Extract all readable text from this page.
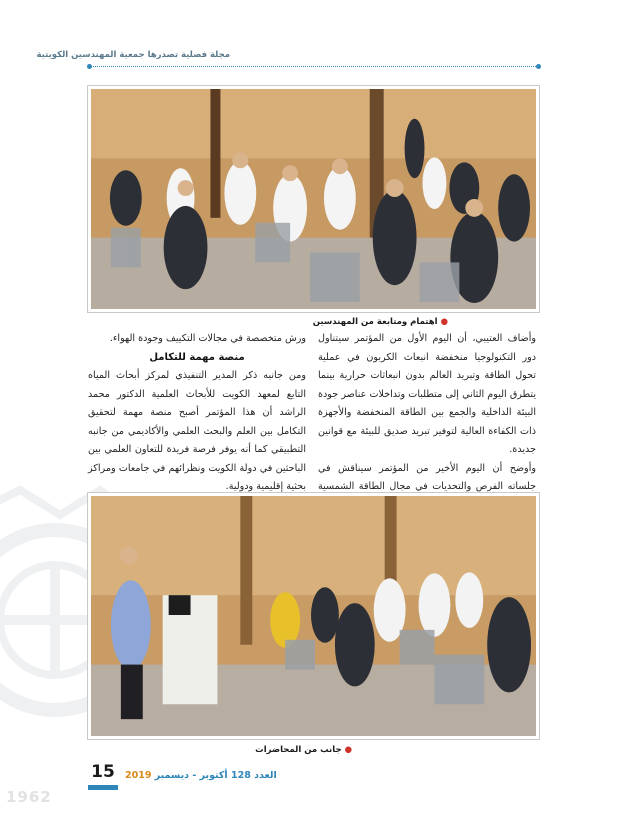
1962
مجلة فصلية تصدرها جمعية المهندسين الكويتية
●اهتمام ومتابعة من المهندسين

وأضاف العتيبي، أن اليوم الأول من المؤتمر سيتناول دور التكنولوجيا منخفضة انبعاث الكربون في عملية تحول الطاقة وتبريد العالم بدون انبعاثات حرارية بينما يتطرق اليوم الثاني إلى متطلبات وتداخلات عناصر جودة البيئة الداخلية والجمع بين الطاقة المنخفضة والأجهزة ذات الكفاءة العالية لتوفير تبريد صديق للبيئة مع قوانين جديدة.

وأوضح أن اليوم الأخير من المؤتمر سيناقش في جلساته الفرص والتحديات في مجال الطاقة الشمسية

ورش متخصصة في مجالات التكييف وجودة الهواء.

منصة مهمة للتكامل

ومن جانبه ذكر المدير التنفيذي لمركز أبحاث المياه التابع لمعهد الكويت للأبحاث العلمية الدكتور محمد الراشد أن هذا المؤتمر أصبح منصة مهمة لتحقيق التكامل بين العلم والبحث العلمي والأكاديمي من جانبه التطبيقي كما أنه يوفر فرصة فريدة للتعاون العلمي بين الباحثين في دولة الكويت ونظرائهم في جامعات ومراكز بحثية إقليمية ودولية.

●جانب من المحاضرات
15	العدد 128 أكتوبر - ديسمبر 2019
